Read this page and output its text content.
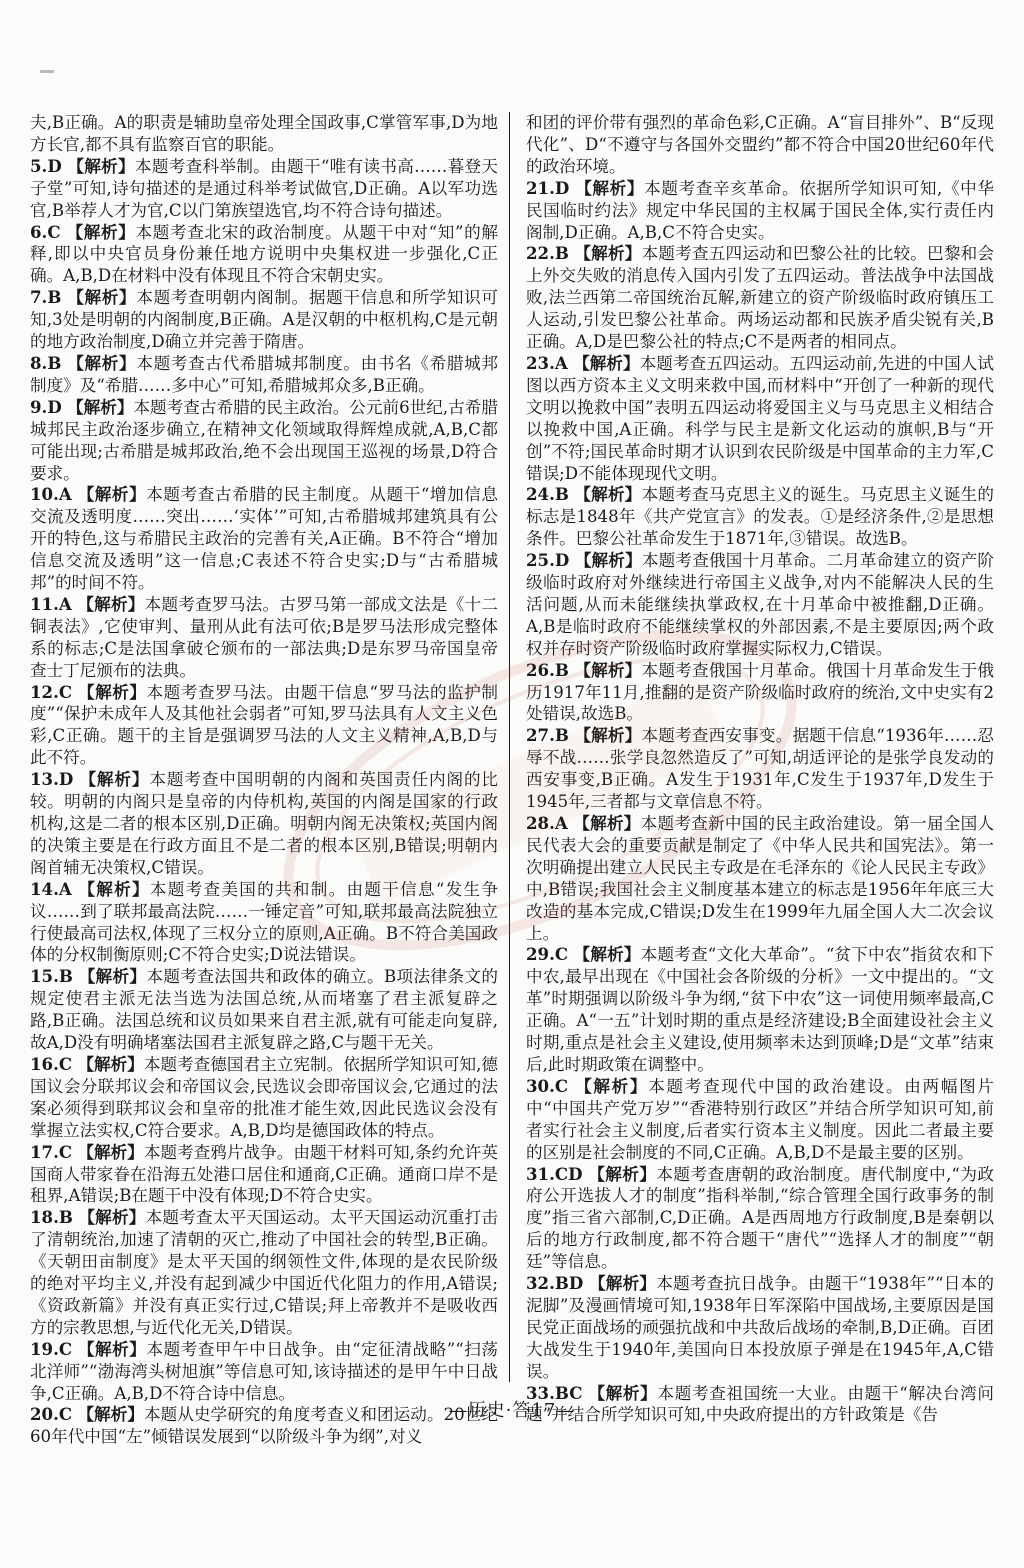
夫,B正确。A的职责是辅助皇帝处理全国政事,C掌管军事,D为地方长官,都不具有监察百官的职能。

5.D 【解析】本题考查科举制。由题干“唯有读书高……暮登天子堂”可知,诗句描述的是通过科举考试做官,D正确。A以军功选官,B举荐人才为官,C以门第族望选官,均不符合诗句描述。

6.C 【解析】本题考查北宋的政治制度。从题干中对“知”的解释,即以中央官员身份兼任地方说明中央集权进一步强化,C正确。A,B,D在材料中没有体现且不符合宋朝史实。

7.B 【解析】本题考查明朝内阁制。据题干信息和所学知识可知,3处是明朝的内阁制度,B正确。A是汉朝的中枢机构,C是元朝的地方政治制度,D确立并完善于隋唐。

8.B 【解析】本题考查古代希腊城邦制度。由书名《希腊城邦制度》及“希腊……多中心”可知,希腊城邦众多,B正确。

9.D 【解析】本题考查古希腊的民主政治。公元前6世纪,古希腊城邦民主政治逐步确立,在精神文化领域取得辉煌成就,A,B,C都可能出现;古希腊是城邦政治,绝不会出现国王巡视的场景,D符合要求。

10.A 【解析】本题考查古希腊的民主制度。从题干“增加信息交流及透明度……突出……‘实体’”可知,古希腊城邦建筑具有公开的特色,这与希腊民主政治的完善有关,A正确。B不符合“增加信息交流及透明”这一信息;C表述不符合史实;D与“古希腊城邦”的时间不符。

11.A 【解析】本题考查罗马法。古罗马第一部成文法是《十二铜表法》,它使审判、量刑从此有法可依;B是罗马法形成完整体系的标志;C是法国拿破仑颁布的一部法典;D是东罗马帝国皇帝查士丁尼颁布的法典。

12.C 【解析】本题考查罗马法。由题干信息“罗马法的监护制度”“保护未成年人及其他社会弱者”可知,罗马法具有人文主义色彩,C正确。题干的主旨是强调罗马法的人文主义精神,A,B,D与此不符。

13.D 【解析】本题考查中国明朝的内阁和英国责任内阁的比较。明朝的内阁只是皇帝的内侍机构,英国的内阁是国家的行政机构,这是二者的根本区别,D正确。明朝内阁无决策权;英国内阁的决策主要是在行政方面且不是二者的根本区别,B错误;明朝内阁首辅无决策权,C错误。

14.A 【解析】本题考查美国的共和制。由题干信息“发生争议……到了联邦最高法院……一锤定音”可知,联邦最高法院独立行使最高司法权,体现了三权分立的原则,A正确。B不符合美国政体的分权制衡原则;C不符合史实;D说法错误。

15.B 【解析】本题考查法国共和政体的确立。B项法律条文的规定使君主派无法当选为法国总统,从而堵塞了君主派复辟之路,B正确。法国总统和议员如果来自君主派,就有可能走向复辟,故A,D没有明确堵塞法国君主派复辟之路,C与题干无关。

16.C 【解析】本题考查德国君主立宪制。依据所学知识可知,德国议会分联邦议会和帝国议会,民选议会即帝国议会,它通过的法案必须得到联邦议会和皇帝的批准才能生效,因此民选议会没有掌握立法实权,C符合要求。A,B,D均是德国政体的特点。

17.C 【解析】本题考查鸦片战争。由题干材料可知,条约允许英国商人带家眷在沿海五处港口居住和通商,C正确。通商口岸不是租界,A错误;B在题干中没有体现;D不符合史实。

18.B 【解析】本题考查太平天国运动。太平天国运动沉重打击了清朝统治,加速了清朝的灭亡,推动了中国社会的转型,B正确。《天朝田亩制度》是太平天国的纲领性文件,体现的是农民阶级的绝对平均主义,并没有起到减少中国近代化阻力的作用,A错误;《资政新篇》并没有真正实行过,C错误;拜上帝教并不是吸收西方的宗教思想,与近代化无关,D错误。

19.C 【解析】本题考查甲午中日战争。由“定征清战略”“扫荡北洋师”“渤海湾头树旭旗”等信息可知,该诗描述的是甲午中日战争,C正确。A,B,D不符合诗中信息。

20.C 【解析】本题从史学研究的角度考查义和团运动。20世纪60年代中国“左”倾错误发展到“以阶级斗争为纲”,对义

和团的评价带有强烈的革命色彩,C正确。A“盲目排外”、B“反现代化”、D“不遵守与各国外交盟约”都不符合中国20世纪60年代的政治环境。

21.D 【解析】本题考查辛亥革命。依据所学知识可知,《中华民国临时约法》规定中华民国的主权属于国民全体,实行责任内阁制,D正确。A,B,C不符合史实。

22.B 【解析】本题考查五四运动和巴黎公社的比较。巴黎和会上外交失败的消息传入国内引发了五四运动。普法战争中法国战败,法兰西第二帝国统治瓦解,新建立的资产阶级临时政府镇压工人运动,引发巴黎公社革命。两场运动都和民族矛盾尖锐有关,B正确。A,D是巴黎公社的特点;C不是两者的相同点。

23.A 【解析】本题考查五四运动。五四运动前,先进的中国人试图以西方资本主义文明来救中国,而材料中“开创了一种新的现代文明以挽救中国”表明五四运动将爱国主义与马克思主义相结合以挽救中国,A正确。科学与民主是新文化运动的旗帜,B与“开创”不符;国民革命时期才认识到农民阶级是中国革命的主力军,C错误;D不能体现现代文明。

24.B 【解析】本题考查马克思主义的诞生。马克思主义诞生的标志是1848年《共产党宣言》的发表。①是经济条件,②是思想条件。巴黎公社革命发生于1871年,③错误。故选B。

25.D 【解析】本题考查俄国十月革命。二月革命建立的资产阶级临时政府对外继续进行帝国主义战争,对内不能解决人民的生活问题,从而未能继续执掌政权,在十月革命中被推翻,D正确。A,B是临时政府不能继续掌权的外部因素,不是主要原因;两个政权并存时资产阶级临时政府掌握实际权力,C错误。

26.B 【解析】本题考查俄国十月革命。俄国十月革命发生于俄历1917年11月,推翻的是资产阶级临时政府的统治,文中史实有2处错误,故选B。

27.B 【解析】本题考查西安事变。据题干信息“1936年……忍辱不战……张学良忽然造反了”可知,胡适评论的是张学良发动的西安事变,B正确。A发生于1931年,C发生于1937年,D发生于1945年,三者都与文章信息不符。

28.A 【解析】本题考查新中国的民主政治建设。第一届全国人民代表大会的重要贡献是制定了《中华人民共和国宪法》。第一次明确提出建立人民民主专政是在毛泽东的《论人民民主专政》中,B错误;我国社会主义制度基本建立的标志是1956年年底三大改造的基本完成,C错误;D发生在1999年九届全国人大二次会议上。

29.C 【解析】本题考查“文化大革命”。“贫下中农”指贫农和下中农,最早出现在《中国社会各阶级的分析》一文中提出的。“文革”时期强调以阶级斗争为纲,“贫下中农”这一词使用频率最高,C正确。A“一五”计划时期的重点是经济建设;B全面建设社会主义时期,重点是社会主义建设,使用频率未达到顶峰;D是“文革”结束后,此时期政策在调整中。

30.C 【解析】本题考查现代中国的政治建设。由两幅图片中“中国共产党万岁”“香港特别行政区”并结合所学知识可知,前者实行社会主义制度,后者实行资本主义制度。因此二者最主要的区别是社会制度的不同,C正确。A,B,D不是最主要的区别。

31.CD 【解析】本题考查唐朝的政治制度。唐代制度中,“为政府公开选拔人才的制度”指科举制,“综合管理全国行政事务的制度”指三省六部制,C,D正确。A是西周地方行政制度,B是秦朝以后的地方行政制度,都不符合题干“唐代”“选择人才的制度”“朝廷”等信息。

32.BD 【解析】本题考查抗日战争。由题干“1938年”“日本的泥脚”及漫画情境可知,1938年日军深陷中国战场,主要原因是国民党正面战场的顽强抗战和中共敌后战场的牵制,B,D正确。百团大战发生于1940年,美国向日本投放原子弹是在1945年,A,C错误。

33.BC 【解析】本题考查祖国统一大业。由题干“解决台湾问题”并结合所学知识可知,中央政府提出的方针政策是《告

—历史·答17—
